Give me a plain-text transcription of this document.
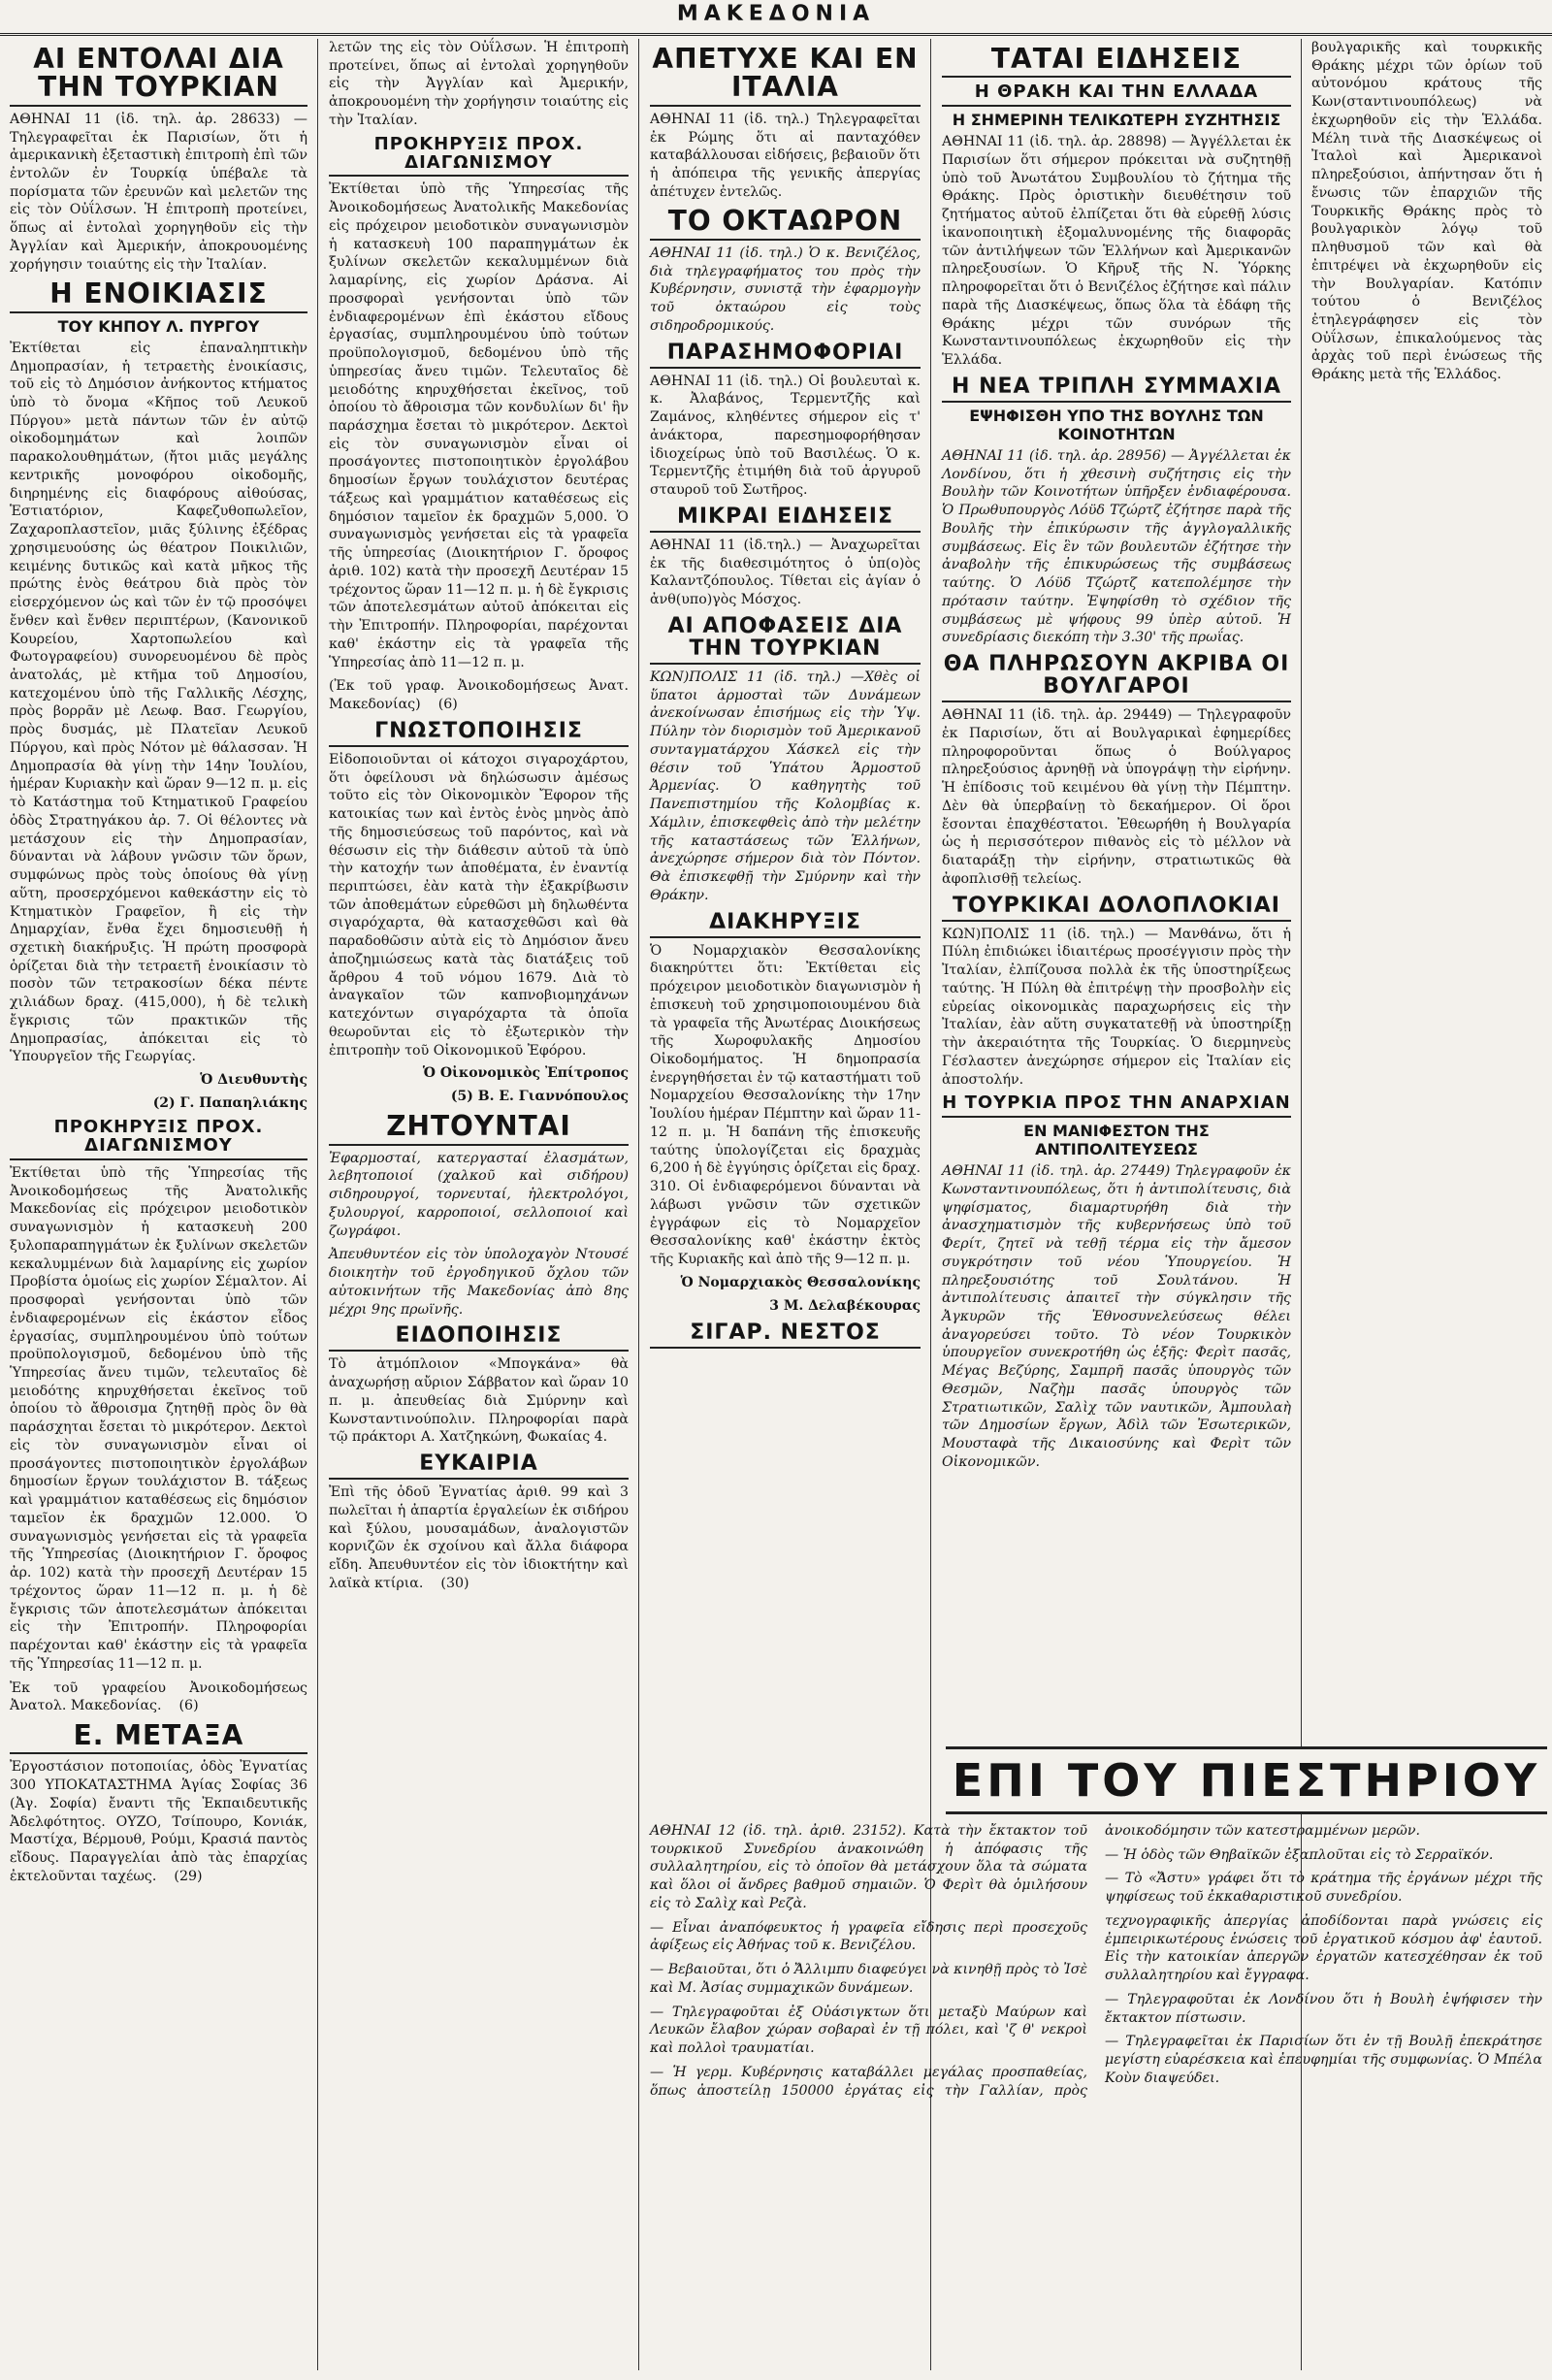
ΜΑΚΕΔΟΝΙΑ
ΑΙ ΕΝΤΟΛΑΙ ΔΙΑ ΤΗΝ ΤΟΥΡΚΙΑΝ

ΑΘΗΝΑΙ 11 (ἰδ. τηλ. ἀρ. 28633) — Τηλεγραφεῖται ἐκ Παρισίων, ὅτι ἡ ἀμερικανικὴ ἐξεταστικὴ ἐπιτροπὴ ἐπὶ τῶν ἐντολῶν ἐν Τουρκίᾳ ὑπέβαλε τὰ πορίσματα τῶν ἐρευνῶν καὶ μελετῶν της εἰς τὸν Οὐΐλσων. Ἡ ἐπιτροπὴ προτείνει, ὅπως αἱ ἐντολαὶ χορηγηθοῦν εἰς τὴν Ἀγγλίαν καὶ Ἀμερικήν, ἀποκρουομένης χορήγησιν τοιαύτης εἰς τὴν Ἰταλίαν.

Η ΕΝΟΙΚΙΑΣΙΣ
ΤΟΥ ΚΗΠΟΥ Λ. ΠΥΡΓΟΥ

Ἐκτίθεται εἰς ἐπαναληπτικὴν Δημοπρασίαν, ἡ τετραετὴς ἐνοικίασις, τοῦ εἰς τὸ Δημόσιον ἀνήκοντος κτήματος ὑπὸ τὸ ὄνομα «Κῆπος τοῦ Λευκοῦ Πύργου» μετὰ πάντων τῶν ἐν αὐτῷ οἰκοδομημάτων καὶ λοιπῶν παρακολουθημάτων, (ἤτοι μιᾶς μεγάλης κεντρικῆς μονοφόρου οἰκοδομῆς, διηρημένης εἰς διαφόρους αἰθούσας, Ἑστιατόριον, Καφεζυθοπωλεῖον, Ζαχαροπλαστεῖον, μιᾶς ξύλινης ἐξέδρας χρησιμευούσης ὡς θέατρον Ποικιλιῶν, κειμένης δυτικῶς καὶ κατὰ μῆκος τῆς πρώτης ἑνὸς θεάτρου διὰ πρὸς τὸν εἰσερχόμενον ὡς καὶ τῶν ἐν τῷ προσόψει ἔνθεν καὶ ἔνθεν περιπτέρων, (Κανονικοῦ Κουρείου, Χαρτοπωλείου καὶ Φωτογραφείου) συνορευομένου δὲ πρὸς ἀνατολάς, μὲ κτῆμα τοῦ Δημοσίου, κατεχομένου ὑπὸ τῆς Γαλλικῆς Λέσχης, πρὸς βορρᾶν μὲ Λεωφ. Βασ. Γεωργίου, πρὸς δυσμάς, μὲ Πλατεῖαν Λευκοῦ Πύργου, καὶ πρὸς Νότον μὲ θάλασσαν. Ἡ Δημοπρασία θὰ γίνῃ τὴν 14ην Ἰουλίου, ἡμέραν Κυριακὴν καὶ ὥραν 9—12 π. μ. εἰς τὸ Κατάστημα τοῦ Κτηματικοῦ Γραφείου ὁδὸς Στρατηγάκου ἀρ. 7. Οἱ θέλοντες νὰ μετάσχουν εἰς τὴν Δημοπρασίαν, δύνανται νὰ λάβουν γνῶσιν τῶν ὅρων, συμφώνως πρὸς τοὺς ὁποίους θὰ γίνῃ αὕτη, προσερχόμενοι καθεκάστην εἰς τὸ Κτηματικὸν Γραφεῖον, ἢ εἰς τὴν Δημαρχίαν, ἔνθα ἔχει δημοσιευθῇ ἡ σχετικὴ διακήρυξις. Ἡ πρώτη προσφορὰ ὁρίζεται διὰ τὴν τετραετῆ ἐνοικίασιν τὸ ποσὸν τῶν τετρακοσίων δέκα πέντε χιλιάδων δραχ. (415,000), ἡ δὲ τελικὴ ἔγκρισις τῶν πρακτικῶν τῆς Δημοπρασίας, ἀπόκειται εἰς τὸ Ὑπουργεῖον τῆς Γεωργίας.

Ὁ Διευθυντὴς
(2) Γ. Παπαηλιάκης
ΠΡΟΚΗΡΥΞΙΣ ΠΡΟΧ. ΔΙΑΓΩΝΙΣΜΟΥ

Ἐκτίθεται ὑπὸ τῆς Ὑπηρεσίας τῆς Ἀνοικοδομήσεως τῆς Ἀνατολικῆς Μακεδονίας εἰς πρόχειρον μειοδοτικὸν συναγωνισμὸν ἡ κατασκευὴ 200 ξυλοπαραπηγμάτων ἐκ ξυλίνων σκελετῶν κεκαλυμμένων διὰ λαμαρίνης εἰς χωρίον Προβίστα ὁμοίως εἰς χωρίον Σέμαλτον. Αἱ προσφοραὶ γενήσονται ὑπὸ τῶν ἐνδιαφερομένων εἰς ἑκάστον εἶδος ἐργασίας, συμπληρουμένου ὑπὸ τούτων προϋπολογισμοῦ, δεδομένου ὑπὸ τῆς Ὑπηρεσίας ἄνευ τιμῶν, τελευταῖος δὲ μειοδότης κηρυχθήσεται ἐκεῖνος τοῦ ὁποίου τὸ ἄθροισμα ζητηθῇ πρὸς ὃν θὰ παράσχηται ἔσεται τὸ μικρότερον. Δεκτοὶ εἰς τὸν συναγωνισμὸν εἶναι οἱ προσάγοντες πιστοποιητικὸν ἐργολάβων δημοσίων ἔργων τουλάχιστον Β. τάξεως καὶ γραμμάτιον καταθέσεως εἰς δημόσιον ταμεῖον ἐκ δραχμῶν 12.000. Ὁ συναγωνισμὸς γενήσεται εἰς τὰ γραφεῖα τῆς Ὑπηρεσίας (Διοικητήριον Γ. ὄροφος ἀρ. 102) κατὰ τὴν προσεχῆ Δευτέραν 15 τρέχοντος ὥραν 11—12 π. μ. ἡ δὲ ἔγκρισις τῶν ἀποτελεσμάτων ἀπόκειται εἰς τὴν Ἐπιτροπήν. Πληροφορίαι παρέχονται καθ' ἑκάστην εἰς τὰ γραφεῖα τῆς Ὑπηρεσίας 11—12 π. μ.

Ἐκ τοῦ γραφείου Ἀνοικοδομήσεως Ἀνατολ. Μακεδονίας.    (6)

Ε. ΜΕΤΑΞΑ

Ἐργοστάσιον ποτοποιίας, ὁδὸς Ἐγνατίας 300 ΥΠΟΚΑΤΑΣΤΗΜΑ Ἁγίας Σοφίας 36 (Ἀγ. Σοφία) ἔναντι τῆς Ἐκπαιδευτικῆς Ἀδελφότητος. ΟΥΖΟ, Τσίπουρο, Κονιάκ, Μαστίχα, Βέρμουθ, Ρούμι, Κρασιά παντὸς εἴδους. Παραγγελίαι ἀπὸ τὰς ἐπαρχίας ἐκτελοῦνται ταχέως.    (29)

λετῶν της εἰς τὸν Οὐΐλσων. Ἡ ἐπιτροπὴ προτείνει, ὅπως αἱ ἐντολαὶ χορηγηθοῦν εἰς τὴν Ἀγγλίαν καὶ Ἀμερικήν, ἀποκρουομένη τὴν χορήγησιν τοιαύτης εἰς τὴν Ἰταλίαν.

ΠΡΟΚΗΡΥΞΙΣ ΠΡΟΧ. ΔΙΑΓΩΝΙΣΜΟΥ

Ἐκτίθεται ὑπὸ τῆς Ὑπηρεσίας τῆς Ἀνοικοδομήσεως Ἀνατολικῆς Μακεδονίας εἰς πρόχειρον μειοδοτικὸν συναγωνισμὸν ἡ κατασκευὴ 100 παραπηγμάτων ἐκ ξυλίνων σκελετῶν κεκαλυμμένων διὰ λαμαρίνης, εἰς χωρίον Δράσνα. Αἱ προσφοραὶ γενήσονται ὑπὸ τῶν ἐνδιαφερομένων ἐπὶ ἑκάστου εἴδους ἐργασίας, συμπληρουμένου ὑπὸ τούτων προϋπολογισμοῦ, δεδομένου ὑπὸ τῆς ὑπηρεσίας ἄνευ τιμῶν. Τελευταῖος δὲ μειοδότης κηρυχθήσεται ἐκεῖνος, τοῦ ὁποίου τὸ ἄθροισμα τῶν κονδυλίων δι' ἣν παράσχημα ἔσεται τὸ μικρότερον. Δεκτοὶ εἰς τὸν συναγωνισμὸν εἶναι οἱ προσάγοντες πιστοποιητικὸν ἐργολάβου δημοσίων ἔργων τουλάχιστον δευτέρας τάξεως καὶ γραμμάτιον καταθέσεως εἰς δημόσιον ταμεῖον ἐκ δραχμῶν 5,000. Ὁ συναγωνισμὸς γενήσεται εἰς τὰ γραφεῖα τῆς ὑπηρεσίας (Διοικητήριον Γ. ὄροφος ἀριθ. 102) κατὰ τὴν προσεχῆ Δευτέραν 15 τρέχοντος ὥραν 11—12 π. μ. ἡ δὲ ἔγκρισις τῶν ἀποτελεσμάτων αὐτοῦ ἀπόκειται εἰς τὴν Ἐπιτροπήν. Πληροφορίαι, παρέχονται καθ' ἑκάστην εἰς τὰ γραφεῖα τῆς Ὑπηρεσίας ἀπὸ 11—12 π. μ.

(Ἐκ τοῦ γραφ. Ἀνοικοδομήσεως Ἀνατ. Μακεδονίας)    (6)

ΓΝΩΣΤΟΠΟΙΗΣΙΣ

Εἰδοποιοῦνται οἱ κάτοχοι σιγαροχάρτου, ὅτι ὀφείλουσι νὰ δηλώσωσιν ἀμέσως τοῦτο εἰς τὸν Οἰκονομικὸν Ἔφορον τῆς κατοικίας των καὶ ἐντὸς ἑνὸς μηνὸς ἀπὸ τῆς δημοσιεύσεως τοῦ παρόντος, καὶ νὰ θέσωσιν εἰς τὴν διάθεσιν αὐτοῦ τὰ ὑπὸ τὴν κατοχήν των ἀποθέματα, ἐν ἐναντίᾳ περιπτώσει, ἐὰν κατὰ τὴν ἐξακρίβωσιν τῶν ἀποθεμάτων εὑρεθῶσι μὴ δηλωθέντα σιγαρόχαρτα, θὰ κατασχεθῶσι καὶ θὰ παραδοθῶσιν αὐτὰ εἰς τὸ Δημόσιον ἄνευ ἀποζημιώσεως κατὰ τὰς διατάξεις τοῦ ἄρθρου 4 τοῦ νόμου 1679. Διὰ τὸ ἀναγκαῖον τῶν καπνοβιομηχάνων κατεχόντων σιγαρόχαρτα τὰ ὁποῖα θεωροῦνται εἰς τὸ ἐξωτερικὸν τὴν ἐπιτροπὴν τοῦ Οἰκονομικοῦ Ἐφόρου.

Ὁ Οἰκονομικὸς Ἐπίτροπος
(5) Β. Ε. Γιαννόπουλος
ΖΗΤΟΥΝΤΑΙ

Ἐφαρμοσταί, κατεργασταί ἐλασμάτων, λεβητοποιοί (χαλκοῦ καὶ σιδήρου) σιδηρουργοί, τορνευταί, ἠλεκτρολόγοι, ξυλουργοί, καρροποιοί, σελλοποιοί καὶ ζωγράφοι.

Ἀπευθυντέον εἰς τὸν ὑπολοχαγὸν Ντουσέ διοικητὴν τοῦ ἐργοδηγικοῦ ὄχλου τῶν αὐτοκινήτων τῆς Μακεδονίας ἀπὸ 8ης μέχρι 9ης πρωϊνῆς.

ΕΙΔΟΠΟΙΗΣΙΣ

Τὸ ἀτμόπλοιον «Μπογκάνα» θὰ ἀναχωρήσῃ αὔριον Σάββατον καὶ ὥραν 10 π. μ. ἀπευθείας διὰ Σμύρνην καὶ Κωνσταντινούπολιν. Πληροφορίαι παρὰ τῷ πράκτορι Α. Χατζηκώνη, Φωκαίας 4.

ΕΥΚΑΙΡΙΑ

Ἐπὶ τῆς ὁδοῦ Ἐγνατίας ἀριθ. 99 καὶ 3 πωλεῖται ἡ ἀπαρτία ἐργαλείων ἐκ σιδήρου καὶ ξύλου, μουσαμάδων, ἀναλογιστῶν κορνιζῶν ἐκ σχοίνου καὶ ἄλλα διάφορα εἴδη. Ἀπευθυντέον εἰς τὸν ἰδιοκτήτην καὶ λαϊκὰ κτίρια.    (30)

ΑΠΕΤΥΧΕ ΚΑΙ ΕΝ ΙΤΑΛΙΑ

ΑΘΗΝΑΙ 11 (ἰδ. τηλ.) Τηλεγραφεῖται ἐκ Ρώμης ὅτι αἱ πανταχόθεν καταβάλλουσαι εἰδήσεις, βεβαιοῦν ὅτι ἡ ἀπόπειρα τῆς γενικῆς ἀπεργίας ἀπέτυχεν ἐντελῶς.

ΤΟ ΟΚΤΑΩΡΟΝ

ΑΘΗΝΑΙ 11 (ἰδ. τηλ.) Ὁ κ. Βενιζέλος, διὰ τηλεγραφήματος του πρὸς τὴν Κυβέρνησιν, συνιστᾷ τὴν ἐφαρμογὴν τοῦ ὀκταώρου εἰς τοὺς σιδηροδρομικούς.

ΠΑΡΑΣΗΜΟΦΟΡΙΑΙ

ΑΘΗΝΑΙ 11 (ἰδ. τηλ.) Οἱ βουλευταὶ κ. κ. Ἀλαβάνος, Τερμεντζῆς καὶ Ζαμάνος, κληθέντες σήμερον εἰς τ' ἀνάκτορα, παρεσημοφορήθησαν ἰδιοχείρως ὑπὸ τοῦ Βασιλέως. Ὁ κ. Τερμεντζῆς ἐτιμήθη διὰ τοῦ ἀργυροῦ σταυροῦ τοῦ Σωτῆρος.

ΜΙΚΡΑΙ ΕΙΔΗΣΕΙΣ

ΑΘΗΝΑΙ 11 (ἰδ.τηλ.) — Ἀναχωρεῖται ἐκ τῆς διαθεσιμότητος ὁ ὑπ(ο)ὸς Καλαντζόπουλος. Τίθεται εἰς ἀγίαν ὁ ἀνθ(υπο)γὸς Μόσχος.

ΑΙ ΑΠΟΦΑΣΕΙΣ ΔΙΑ ΤΗΝ ΤΟΥΡΚΙΑΝ

ΚΩΝ)ΠΟΛΙΣ 11 (ἰδ. τηλ.) —Χθὲς οἱ ὕπατοι ἁρμοσταὶ τῶν Δυνάμεων ἀνεκοίνωσαν ἐπισήμως εἰς τὴν Ὑψ. Πύλην τὸν διορισμὸν τοῦ Ἀμερικανοῦ συνταγματάρχου Χάσκελ εἰς τὴν θέσιν τοῦ Ὑπάτου Ἁρμοστοῦ Ἀρμενίας. Ὁ καθηγητὴς τοῦ Πανεπιστημίου τῆς Κολομβίας κ. Χάμλιν, ἐπισκεφθεὶς ἀπὸ τὴν μελέτην τῆς καταστάσεως τῶν Ἑλλήνων, ἀνεχώρησε σήμερον διὰ τὸν Πόντον. Θὰ ἐπισκεφθῇ τὴν Σμύρνην καὶ τὴν Θράκην.

ΔΙΑΚΗΡΥΞΙΣ

Ὁ Νομαρχιακὸν Θεσσαλονίκης διακηρύττει ὅτι: Ἐκτίθεται εἰς πρόχειρον μειοδοτικὸν διαγωνισμὸν ἡ ἐπισκευὴ τοῦ χρησιμοποιουμένου διὰ τὰ γραφεῖα τῆς Ἀνωτέρας Διοικήσεως τῆς Χωροφυλακῆς Δημοσίου Οἰκοδομήματος. Ἡ δημοπρασία ἐνεργηθήσεται ἐν τῷ καταστήματι τοῦ Νομαρχείου Θεσσαλονίκης τὴν 17ην Ἰουλίου ἡμέραν Πέμπτην καὶ ὥραν 11-12 π. μ. Ἡ δαπάνη τῆς ἐπισκευῆς ταύτης ὑπολογίζεται εἰς δραχμὰς 6,200 ἡ δὲ ἐγγύησις ὁρίζεται εἰς δραχ. 310. Οἱ ἐνδιαφερόμενοι δύνανται νὰ λάβωσι γνῶσιν τῶν σχετικῶν ἐγγράφων εἰς τὸ Νομαρχεῖον Θεσσαλονίκης καθ' ἑκάστην ἐκτὸς τῆς Κυριακῆς καὶ ἀπὸ τῆς 9—12 π. μ.

Ὁ Νομαρχιακὸς Θεσσαλονίκης
3 Μ. Δελαβέκουρας
ΣΙΓΑΡ. ΝΕΣΤΟΣ
ΤΑΤΑΙ ΕΙΔΗΣΕΙΣ
Η ΘΡΑΚΗ ΚΑΙ ΤΗΝ ΕΛΛΑΔΑ
Η ΣΗΜΕΡΙΝΗ ΤΕΛΙΚΩΤΕΡΗ ΣΥΖΗΤΗΣΙΣ

ΑΘΗΝΑΙ 11 (ἰδ. τηλ. ἀρ. 28898) — Ἀγγέλλεται ἐκ Παρισίων ὅτι σήμερον πρόκειται νὰ συζητηθῇ ὑπὸ τοῦ Ἀνωτάτου Συμβουλίου τὸ ζήτημα τῆς Θράκης. Πρὸς ὀριστικὴν διευθέτησιν τοῦ ζητήματος αὐτοῦ ἐλπίζεται ὅτι θὰ εὑρεθῇ λύσις ἱκανοποιητικὴ ἐξομαλυνομένης τῆς διαφορᾶς τῶν ἀντιλήψεων τῶν Ἑλλήνων καὶ Ἀμερικανῶν πληρεξουσίων. Ὁ Κῆρυξ τῆς Ν. Ὑόρκης πληροφορεῖται ὅτι ὁ Βενιζέλος ἐζήτησε καὶ πάλιν παρὰ τῆς Διασκέψεως, ὅπως ὅλα τὰ ἐδάφη τῆς Θράκης μέχρι τῶν συνόρων τῆς Κωνσταντινουπόλεως ἐκχωρηθοῦν εἰς τὴν Ἑλλάδα.

Η ΝΕΑ ΤΡΙΠΛΗ ΣΥΜΜΑΧΙΑ
ΕΨΗΦΙΣΘΗ ΥΠΟ ΤΗΣ ΒΟΥΛΗΣ ΤΩΝ ΚΟΙΝΟΤΗΤΩΝ

ΑΘΗΝΑΙ 11 (ἰδ. τηλ. ἀρ. 28956) — Ἀγγέλλεται ἐκ Λονδίνου, ὅτι ἡ χθεσινὴ συζήτησις εἰς τὴν Βουλὴν τῶν Κοινοτήτων ὑπῆρξεν ἐνδιαφέρουσα. Ὁ Πρωθυπουργὸς Λόϋδ Τζώρτζ ἐζήτησε παρὰ τῆς Βουλῆς τὴν ἐπικύρωσιν τῆς ἀγγλογαλλικῆς συμβάσεως. Εἰς ἓν τῶν βουλευτῶν ἐζήτησε τὴν ἀναβολὴν τῆς ἐπικυρώσεως τῆς συμβάσεως ταύτης. Ὁ Λόϋδ Τζώρτζ κατεπολέμησε τὴν πρότασιν ταύτην. Ἐψηφίσθη τὸ σχέδιον τῆς συμβάσεως μὲ ψήφους 99 ὑπὲρ αὐτοῦ. Ἡ συνεδρίασις διεκόπη τὴν 3.30' τῆς πρωΐας.

ΘΑ ΠΛΗΡΩΣΟΥΝ ΑΚΡΙΒΑ ΟΙ ΒΟΥΛΓΑΡΟΙ

ΑΘΗΝΑΙ 11 (ἰδ. τηλ. ἀρ. 29449) — Τηλεγραφοῦν ἐκ Παρισίων, ὅτι αἱ Βουλγαρικαὶ ἐφημερίδες πληροφοροῦνται ὅπως ὁ Βούλγαρος πληρεξούσιος ἀρνηθῇ νὰ ὑπογράψῃ τὴν εἰρήνην. Ἡ ἐπίδοσις τοῦ κειμένου θὰ γίνῃ τὴν Πέμπτην. Δὲν θὰ ὑπερβαίνῃ τὸ δεκαήμερον. Οἱ ὅροι ἔσονται ἐπαχθέστατοι. Ἐθεωρήθη ἡ Βουλγαρία ὡς ἡ περισσότερον πιθανὸς εἰς τὸ μέλλον νὰ διαταράξῃ τὴν εἰρήνην, στρατιωτικῶς θὰ ἀφοπλισθῇ τελείως.

ΤΟΥΡΚΙΚΑΙ ΔΟΛΟΠΛΟΚΙΑΙ

ΚΩΝ)ΠΟΛΙΣ 11 (ἰδ. τηλ.) — Μανθάνω, ὅτι ἡ Πύλη ἐπιδιώκει ἰδιαιτέρως προσέγγισιν πρὸς τὴν Ἰταλίαν, ἐλπίζουσα πολλὰ ἐκ τῆς ὑποστηρίξεως ταύτης. Ἡ Πύλη θὰ ἐπιτρέψῃ τὴν προσβολὴν εἰς εὐρείας οἰκονομικὰς παραχωρήσεις εἰς τὴν Ἰταλίαν, ἐὰν αὕτη συγκατατεθῇ νὰ ὑποστηρίξῃ τὴν ἀκεραιότητα τῆς Τουρκίας. Ὁ διερμηνεὺς Γέσλαστεν ἀνεχώρησε σήμερον εἰς Ἰταλίαν εἰς ἀποστολήν.

Η ΤΟΥΡΚΙΑ ΠΡΟΣ ΤΗΝ ΑΝΑΡΧΙΑΝ
ΕΝ ΜΑΝΙΦΕΣΤΟΝ ΤΗΣ ΑΝΤΙΠΟΛΙΤΕΥΣΕΩΣ

ΑΘΗΝΑΙ 11 (ἰδ. τηλ. ἀρ. 27449) Τηλεγραφοῦν ἐκ Κωνσταντινουπόλεως, ὅτι ἡ ἀντιπολίτευσις, διὰ ψηφίσματος, διαμαρτυρήθη διὰ τὴν ἀνασχηματισμὸν τῆς κυβερνήσεως ὑπὸ τοῦ Φερίτ, ζητεῖ νὰ τεθῇ τέρμα εἰς τὴν ἄμεσον συγκρότησιν τοῦ νέου Ὑπουργείου. Ἡ πληρεξουσιότης τοῦ Σουλτάνου. Ἡ ἀντιπολίτευσις ἀπαιτεῖ τὴν σύγκλησιν τῆς Ἀγκυρῶν τῆς Ἐθνοσυνελεύσεως θέλει ἀναγορεύσει τοῦτο. Τὸ νέον Τουρκικὸν ὑπουργεῖον συνεκροτήθη ὡς ἑξῆς: Φερὶτ πασᾶς, Μέγας Βεζύρης, Σαμπρῆ πασᾶς ὑπουργὸς τῶν Θεσμῶν, Ναζὴμ πασᾶς ὑπουργὸς τῶν Στρατιωτικῶν, Σαλὶχ τῶν ναυτικῶν, Ἀμπουλαὴ τῶν Δημοσίων ἔργων, Ἀδὶλ τῶν Ἐσωτερικῶν, Μουσταφὰ τῆς Δικαιοσύνης καὶ Φερὶτ τῶν Οἰκονομικῶν.

βουλγαρικῆς καὶ τουρκικῆς Θράκης μέχρι τῶν ὁρίων τοῦ αὐτονόμου κράτους τῆς Κων(σταντινουπόλεως) νὰ ἐκχωρηθοῦν εἰς τὴν Ἑλλάδα. Μέλη τινὰ τῆς Διασκέψεως οἱ Ἰταλοὶ καὶ Ἀμερικανοὶ πληρεξούσιοι, ἀπήντησαν ὅτι ἡ ἔνωσις τῶν ἐπαρχιῶν τῆς Τουρκικῆς Θράκης πρὸς τὸ βουλγαρικὸν λόγῳ τοῦ πληθυσμοῦ τῶν καὶ θὰ ἐπιτρέψει νὰ ἐκχωρηθοῦν εἰς τὴν Βουλγαρίαν. Κατόπιν τούτου ὁ Βενιζέλος ἐτηλεγράφησεν εἰς τὸν Οὐΐλσων, ἐπικαλούμενος τὰς ἀρχὰς τοῦ περὶ ἑνώσεως τῆς Θράκης μετὰ τῆς Ἑλλάδος.

ΕΠΙ ΤΟΥ ΠΙΕΣΤΗΡΙΟΥ

ΑΘΗΝΑΙ 12 (ἰδ. τηλ. ἀριθ. 23152). Κατὰ τὴν ἔκτακτον τοῦ τουρκικοῦ Συνεδρίου ἀνακοινώθη ἡ ἀπόφασις τῆς συλλαλητηρίου, εἰς τὸ ὁποῖον θὰ μετάσχουν ὅλα τὰ σώματα καὶ ὅλοι οἱ ἄνδρες βαθμοῦ σημαιῶν. Ὁ Φερὶτ θὰ ὁμιλήσουν εἰς τὸ Σαλὶχ καὶ Ρεζὰ.

— Εἶναι ἀναπόφευκτος ἡ γραφεῖα εἴδησις περὶ προσεχοῦς ἀφίξεως εἰς Ἀθήνας τοῦ κ. Βενιζέλου.

— Βεβαιοῦται, ὅτι ὁ Ἄλλιμπυ διαφεύγει νὰ κινηθῇ πρὸς τὸ Ἰσὲ καὶ Μ. Ἀσίας συμμαχικῶν δυνάμεων.

— Τηλεγραφοῦται ἐξ Οὐάσιγκτων ὅτι μεταξὺ Μαύρων καὶ Λευκῶν ἔλαβον χώραν σοβαραὶ ἐν τῇ πόλει, καὶ 'ζ θ' νεκροὶ καὶ πολλοὶ τραυματίαι.

— Ἡ γερμ. Κυβέρνησις καταβάλλει μεγάλας προσπαθείας, ὅπως ἀποστείλῃ 150000 ἐργάτας εἰς τὴν Γαλλίαν, πρὸς ἀνοικοδόμησιν τῶν κατεστραμμένων μερῶν.

— Ἡ ὁδὸς τῶν Θηβαϊκῶν ἐξαπλοῦται εἰς τὸ Σερραϊκόν.

— Τὸ «Ἄστυ» γράφει ὅτι τὸ κράτημα τῆς ἐργάνων μέχρι τῆς ψηφίσεως τοῦ ἐκκαθαριστικοῦ συνεδρίου.

τεχνογραφικῆς ἀπεργίας ἀποδίδονται παρὰ γνώσεις εἰς ἐμπειρικωτέρους ἑνώσεις τοῦ ἐργατικοῦ κόσμου ἀφ' ἑαυτοῦ. Εἰς τὴν κατοικίαν ἀπεργῶν ἐργατῶν κατεσχέθησαν ἐκ τοῦ συλλαλητηρίου καὶ ἔγγραφα.

— Τηλεγραφοῦται ἐκ Λονδίνου ὅτι ἡ Βουλὴ ἐψήφισεν τὴν ἔκτακτον πίστωσιν.

— Τηλεγραφεῖται ἐκ Παρισίων ὅτι ἐν τῇ Βουλῇ ἐπεκράτησε μεγίστη εὐαρέσκεια καὶ ἐπευφημίαι τῆς συμφωνίας. Ὁ Μπέλα Κοὺν διαψεύδει.
